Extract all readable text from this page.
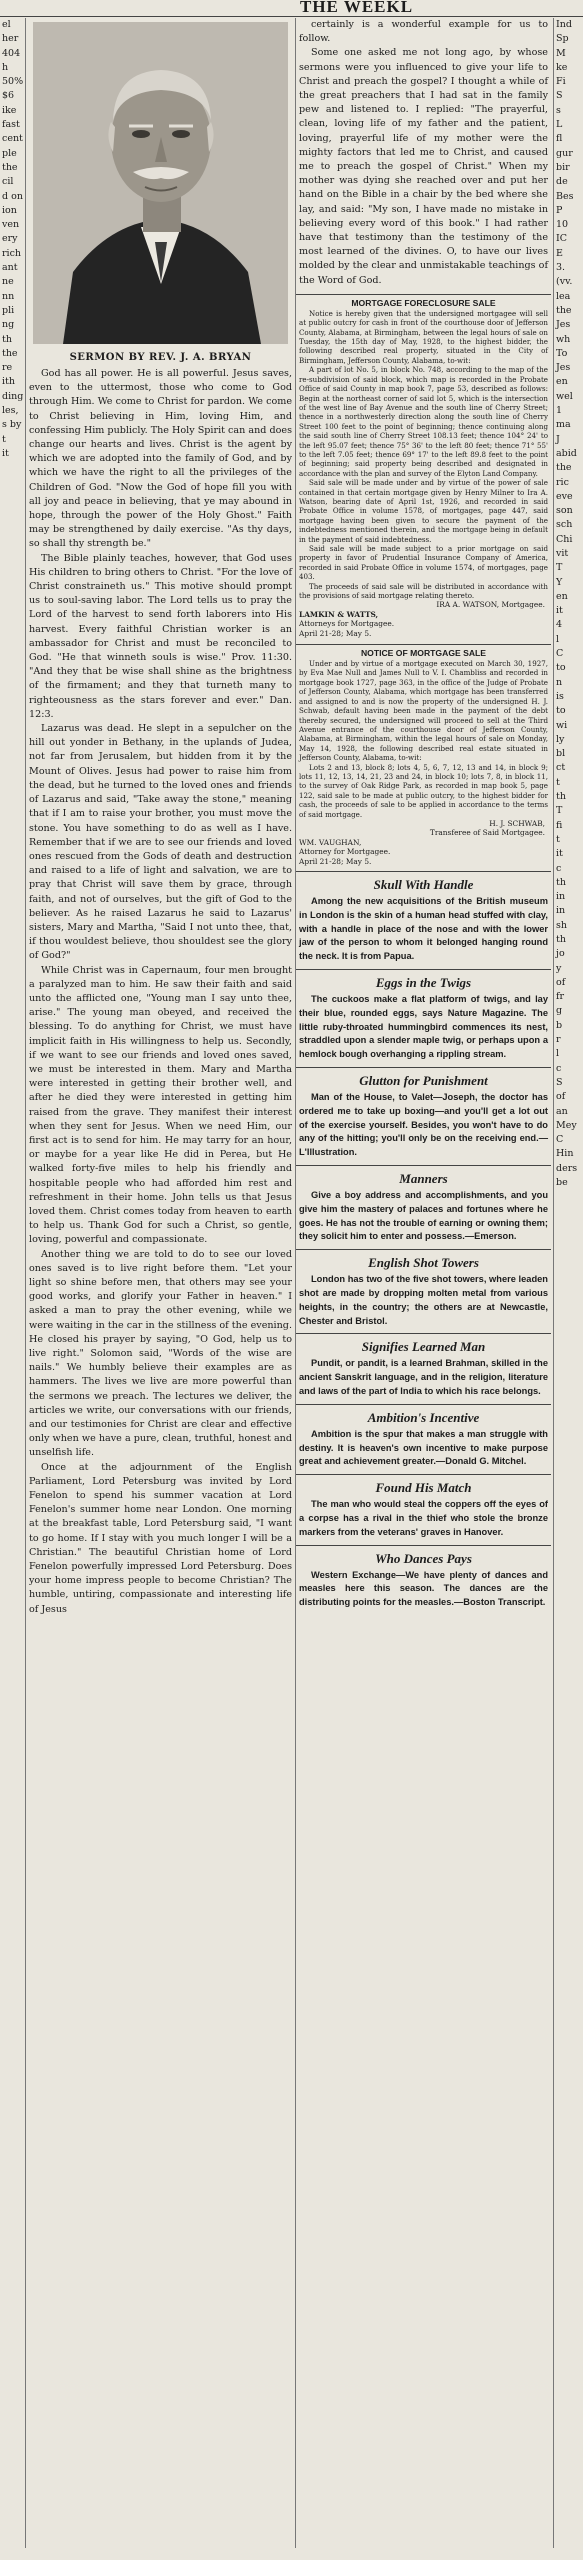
THE WEEKL
el
her
404
h
50%
$6
ike
fast
cent
ple
the
cil
d on
ion
ven
ery
rich
ant
ne
nn
pli
ng
th
the
re
ith
ding
les,
s by
t
it
SERMON BY REV. J. A. BRYAN

God has all power. He is all powerful. Jesus saves, even to the uttermost, those who come to God through Him. We come to Christ for pardon. We come to Christ believing in Him, loving Him, and confessing Him publicly. The Holy Spirit can and does change our hearts and lives. Christ is the agent by which we are adopted into the family of God, and by which we have the right to all the privileges of the Children of God. "Now the God of hope fill you with all joy and peace in believing, that ye may abound in hope, through the power of the Holy Ghost." Faith may be strengthened by daily exercise. "As thy days, so shall thy strength be."

The Bible plainly teaches, however, that God uses His children to bring others to Christ. "For the love of Christ constraineth us." This motive should prompt us to soul-saving labor. The Lord tells us to pray the Lord of the harvest to send forth laborers into His harvest. Every faithful Christian worker is an ambassador for Christ and must be reconciled to God. "He that winneth souls is wise." Prov. 11:30. "And they that be wise shall shine as the brightness of the firmament; and they that turneth many to righteousness as the stars forever and ever." Dan. 12:3.

Lazarus was dead. He slept in a sepulcher on the hill out yonder in Bethany, in the uplands of Judea, not far from Jerusalem, but hidden from it by the Mount of Olives. Jesus had power to raise him from the dead, but he turned to the loved ones and friends of Lazarus and said, "Take away the stone," meaning that if I am to raise your brother, you must move the stone. You have something to do as well as I have. Remember that if we are to see our friends and loved ones rescued from the Gods of death and destruction and raised to a life of light and salvation, we are to pray that Christ will save them by grace, through faith, and not of ourselves, but the gift of God to the believer. As he raised Lazarus he said to Lazarus' sisters, Mary and Martha, "Said I not unto thee, that, if thou wouldest believe, thou shouldest see the glory of God?"

While Christ was in Capernaum, four men brought a paralyzed man to him. He saw their faith and said unto the afflicted one, "Young man I say unto thee, arise." The young man obeyed, and received the blessing. To do anything for Christ, we must have implicit faith in His willingness to help us. Secondly, if we want to see our friends and loved ones saved, we must be interested in them. Mary and Martha were interested in getting their brother well, and after he died they were interested in getting him raised from the grave. They manifest their interest when they sent for Jesus. When we need Him, our first act is to send for him. He may tarry for an hour, or maybe for a year like He did in Perea, but He walked forty-five miles to help his friendly and hospitable people who had afforded him rest and refreshment in their home. John tells us that Jesus loved them. Christ comes today from heaven to earth to help us. Thank God for such a Christ, so gentle, loving, powerful and compassionate.

Another thing we are told to do to see our loved ones saved is to live right before them. "Let your light so shine before men, that others may see your good works, and glorify your Father in heaven." I asked a man to pray the other evening, while we were waiting in the car in the stillness of the evening. He closed his prayer by saying, "O God, help us to live right." Solomon said, "Words of the wise are nails." We humbly believe their examples are as hammers. The lives we live are more powerful than the sermons we preach. The lectures we deliver, the articles we write, our conversations with our friends, and our testimonies for Christ are clear and effective only when we have a pure, clean, truthful, honest and unselfish life.

Once at the adjournment of the English Parliament, Lord Petersburg was invited by Lord Fenelon to spend his summer vacation at Lord Fenelon's summer home near London. One morning at the breakfast table, Lord Petersburg said, "I want to go home. If I stay with you much longer I will be a Christian." The beautiful Christian home of Lord Fenelon powerfully impressed Lord Petersburg. Does your home impress people to become Christian? The humble, untiring, compassionate and interesting life of Jesus

certainly is a wonderful example for us to follow.

Some one asked me not long ago, by whose sermons were you influenced to give your life to Christ and preach the gospel? I thought a while of the great preachers that I had sat in the family pew and listened to. I replied: "The prayerful, clean, loving life of my father and the patient, loving, prayerful life of my mother were the mighty factors that led me to Christ, and caused me to preach the gospel of Christ." When my mother was dying she reached over and put her hand on the Bible in a chair by the bed where she lay, and said: "My son, I have made no mistake in believing every word of this book." I had rather have that testimony than the testimony of the most learned of the divines. O, to have our lives molded by the clear and unmistakable teachings of the Word of God.

MORTGAGE FORECLOSURE SALE

Notice is hereby given that the undersigned mortgagee will sell at public outcry for cash in front of the courthouse door of Jefferson County, Alabama, at Birmingham, between the legal hours of sale on Tuesday, the 15th day of May, 1928, to the highest bidder, the following described real property, situated in the City of Birmingham, Jefferson County, Alabama, to-wit:

A part of lot No. 5, in block No. 748, according to the map of the re-subdivision of said block, which map is recorded in the Probate Office of said County in map book 7, page 53, described as follows: Begin at the northeast corner of said lot 5, which is the intersection of the west line of Bay Avenue and the south line of Cherry Street; thence in a northwesterly direction along the south line of Cherry Street 100 feet to the point of beginning; thence continuing along the said south line of Cherry Street 108.13 feet; thence 104° 24' to the left 95.07 feet; thence 75° 36' to the left 80 feet; thence 71° 55' to the left 7.05 feet; thence 69° 17' to the left 89.8 feet to the point of beginning; said property being described and designated in accordance with the plan and survey of the Elyton Land Company.

Said sale will be made under and by virtue of the power of sale contained in that certain mortgage given by Henry Milner to Ira A. Watson, bearing date of April 1st, 1926, and recorded in said Probate Office in volume 1578, of mortgages, page 447, said mortgage having been given to secure the payment of the indebtedness mentioned therein, and the mortgage being in default in the payment of said indebtedness.

Said sale will be made subject to a prior mortgage on said property in favor of Prudential Insurance Company of America, recorded in said Probate Office in volume 1574, of mortgages, page 403.

The proceeds of said sale will be distributed in accordance with the provisions of said mortgage relating thereto.

IRA A. WATSON, Mortgagee.
LAMKIN & WATTS,
Attorneys for Mortgagee.
April 21-28; May 5.
NOTICE OF MORTGAGE SALE

Under and by virtue of a mortgage executed on March 30, 1927, by Eva Mae Null and James Null to V. I. Chambliss and recorded in mortgage book 1727, page 363, in the office of the Judge of Probate of Jefferson County, Alabama, which mortgage has been transferred and assigned to and is now the property of the undersigned H. J. Schwab, default having been made in the payment of the debt thereby secured, the undersigned will proceed to sell at the Third Avenue entrance of the courthouse door of Jefferson County, Alabama, at Birmingham, within the legal hours of sale on Monday, May 14, 1928, the following described real estate situated in Jefferson County, Alabama, to-wit:

Lots 2 and 13, block 8; lots 4, 5, 6, 7, 12, 13 and 14, in block 9; lots 11, 12, 13, 14, 21, 23 and 24, in block 10; lots 7, 8, in block 11, to the survey of Oak Ridge Park, as recorded in map book 5, page 122, said sale to be made at public outcry, to the highest bidder for cash, the proceeds of sale to be applied in accordance to the terms of said mortgage.

H. J. SCHWAB,
Transferee of Said Mortgagee.
WM. VAUGHAN,
Attorney for Mortgagee.
April 21-28; May 5.
Skull With Handle

Among the new acquisitions of the British museum in London is the skin of a human head stuffed with clay, with a handle in place of the nose and with the lower jaw of the person to whom it belonged hanging round the neck. It is from Papua.

Eggs in the Twigs

The cuckoos make a flat platform of twigs, and lay their blue, rounded eggs, says Nature Magazine. The little ruby-throated hummingbird commences its nest, straddled upon a slender maple twig, or perhaps upon a hemlock bough overhanging a rippling stream.

Glutton for Punishment

Man of the House, to Valet—Joseph, the doctor has ordered me to take up boxing—and you'll get a lot out of the exercise yourself. Besides, you won't have to do any of the hitting; you'll only be on the receiving end.—L'Illustration.

Manners

Give a boy address and accomplishments, and you give him the mastery of palaces and fortunes where he goes. He has not the trouble of earning or owning them; they solicit him to enter and possess.—Emerson.

English Shot Towers

London has two of the five shot towers, where leaden shot are made by dropping molten metal from various heights, in the country; the others are at Newcastle, Chester and Bristol.

Signifies Learned Man

Pundit, or pandit, is a learned Brahman, skilled in the ancient Sanskrit language, and in the religion, literature and laws of the part of India to which his race belongs.

Ambition's Incentive

Ambition is the spur that makes a man struggle with destiny. It is heaven's own incentive to make purpose great and achievement greater.—Donald G. Mitchel.

Found His Match

The man who would steal the coppers off the eyes of a corpse has a rival in the thief who stole the bronze markers from the veterans' graves in Hanover.

Who Dances Pays

Western Exchange—We have plenty of dances and measles here this season. The dances are the distributing points for the measles.—Boston Transcript.

Ind
Sp
M
ke
Fi
S
s
L
fl
gur
bir
de
Bes
P
10
IC
E
3.
(vv.
lea
the
Jes
wh
To
Jes
en
wel
1
ma
J
abid
the
ric
eve
son
sch
Chi
vit
T
Y
en
it
4
l
C
to
n
is
to
wi
ly
bl
ct
t
th
T
fi
t
it
c
th
in
in
sh
th
jo
y
of
fr
g
b
r
l
c
S
of
an
Mey
C
Hin
ders
be
